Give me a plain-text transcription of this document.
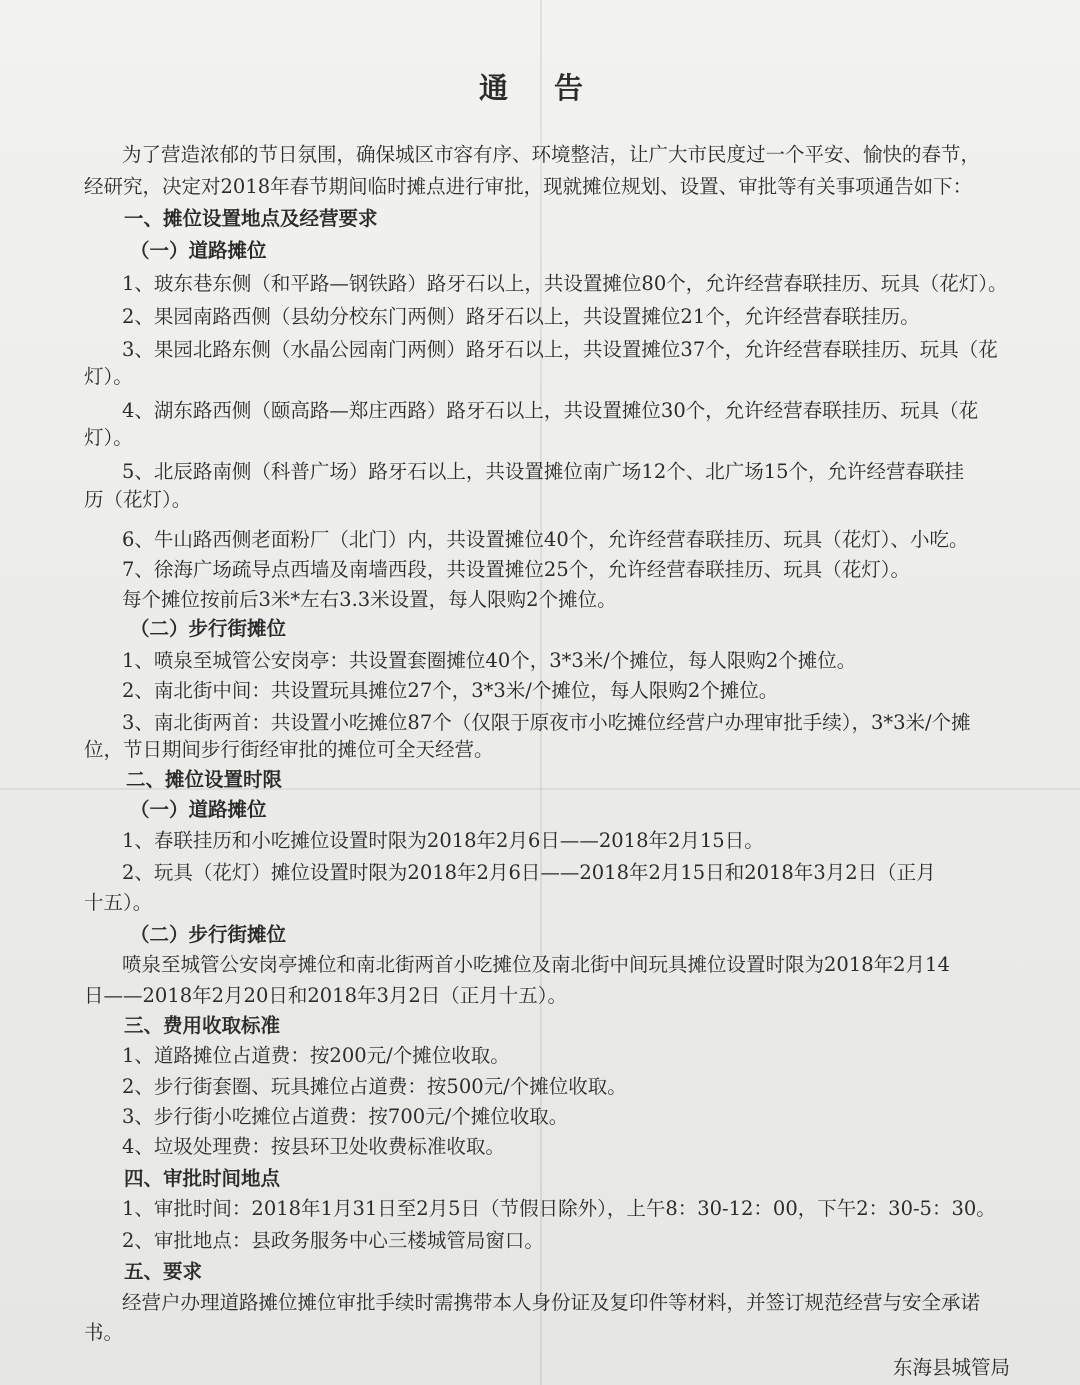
通 告
为了营造浓郁的节日氛围，确保城区市容有序、环境整洁，让广大市民度过一个平安、愉快的春节，
经研究，决定对2018年春节期间临时摊点进行审批，现就摊位规划、设置、审批等有关事项通告如下：
一、摊位设置地点及经营要求
（一）道路摊位
1、玻东巷东侧（和平路—钢铁路）路牙石以上，共设置摊位80个，允许经营春联挂历、玩具（花灯）。
2、果园南路西侧（县幼分校东门两侧）路牙石以上，共设置摊位21个，允许经营春联挂历。
3、果园北路东侧（水晶公园南门两侧）路牙石以上，共设置摊位37个，允许经营春联挂历、玩具（花
灯）。
4、湖东路西侧（颐高路—郑庄西路）路牙石以上，共设置摊位30个，允许经营春联挂历、玩具（花
灯）。
5、北辰路南侧（科普广场）路牙石以上，共设置摊位南广场12个、北广场15个，允许经营春联挂
历（花灯）。
6、牛山路西侧老面粉厂（北门）内，共设置摊位40个，允许经营春联挂历、玩具（花灯）、小吃。
7、徐海广场疏导点西墙及南墙西段，共设置摊位25个，允许经营春联挂历、玩具（花灯）。
每个摊位按前后3米*左右3.3米设置，每人限购2个摊位。
（二）步行街摊位
1、喷泉至城管公安岗亭：共设置套圈摊位40个，3*3米/个摊位，每人限购2个摊位。
2、南北街中间：共设置玩具摊位27个，3*3米/个摊位，每人限购2个摊位。
3、南北街两首：共设置小吃摊位87个（仅限于原夜市小吃摊位经营户办理审批手续），3*3米/个摊
位，节日期间步行街经审批的摊位可全天经营。
二、摊位设置时限
（一）道路摊位
1、春联挂历和小吃摊位设置时限为2018年2月6日——2018年2月15日。
2、玩具（花灯）摊位设置时限为2018年2月6日——2018年2月15日和2018年3月2日（正月
十五）。
（二）步行街摊位
喷泉至城管公安岗亭摊位和南北街两首小吃摊位及南北街中间玩具摊位设置时限为2018年2月14
日——2018年2月20日和2018年3月2日（正月十五）。
三、费用收取标准
1、道路摊位占道费：按200元/个摊位收取。
2、步行街套圈、玩具摊位占道费：按500元/个摊位收取。
3、步行街小吃摊位占道费：按700元/个摊位收取。
4、垃圾处理费：按县环卫处收费标准收取。
四、审批时间地点
1、审批时间：2018年1月31日至2月5日（节假日除外），上午8：30-12：00，下午2：30-5：30。
2、审批地点：县政务服务中心三楼城管局窗口。
五、要求
经营户办理道路摊位摊位审批手续时需携带本人身份证及复印件等材料，并签订规范经营与安全承诺
书。
东海县城管局
